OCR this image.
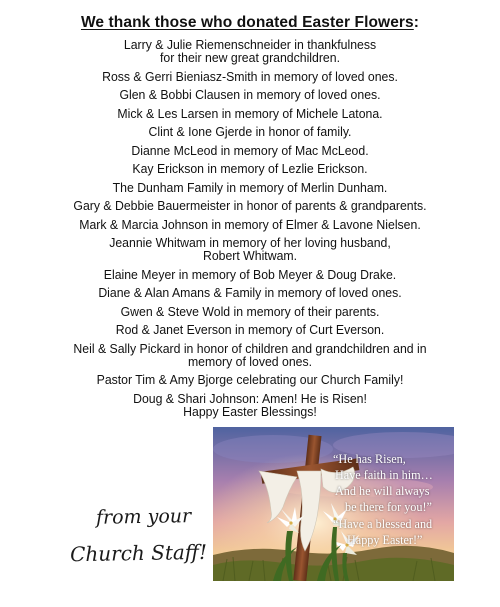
We thank those who donated Easter Flowers:
Larry & Julie Riemenschneider in thankfulness
for their new great grandchildren.
Ross & Gerri Bieniasz-Smith in memory of loved ones.
Glen & Bobbi Clausen in memory of loved ones.
Mick & Les Larsen in memory of Michele Latona.
Clint & Ione Gjerde in honor of family.
Dianne McLeod in memory of Mac McLeod.
Kay Erickson in memory of Lezlie Erickson.
The Dunham Family in memory of Merlin Dunham.
Gary & Debbie Bauermeister in honor of parents & grandparents.
Mark & Marcia Johnson in memory of Elmer & Lavone Nielsen.
Jeannie Whitwam in memory of her loving husband,
Robert Whitwam.
Elaine Meyer in memory of Bob Meyer & Doug Drake.
Diane & Alan Amans & Family in memory of loved ones.
Gwen & Steve Wold in memory of their parents.
Rod & Janet Everson in memory of Curt Everson.
Neil & Sally Pickard in honor of children and grandchildren and in
memory of loved ones.
Pastor Tim & Amy Bjorge celebrating our Church Family!
Doug & Shari Johnson: Amen! He is Risen!
Happy Easter Blessings!
“He has Risen,
Have faith in him…
And he will always
be there for you!”
“Have a blessed and
Happy Easter!”
from your
Church Staff!
